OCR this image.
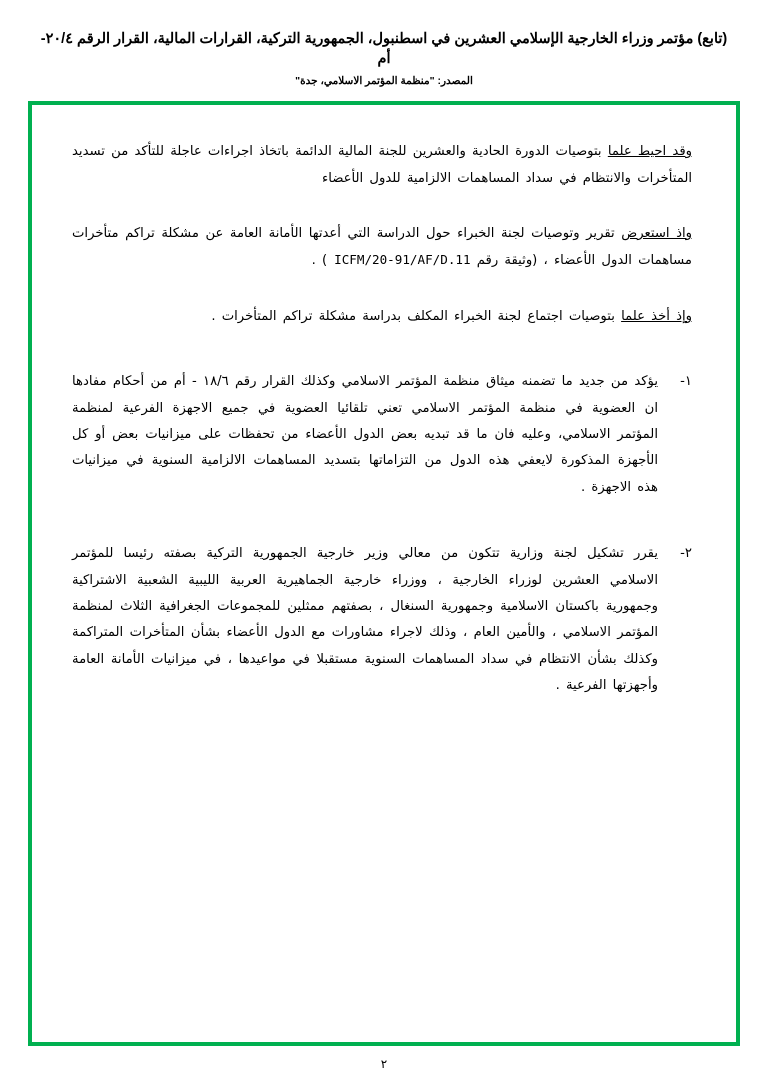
(تابع) مؤتمر وزراء الخارجية الإسلامي العشرين في اسطنبول، الجمهورية التركية، القرارات المالية، القرار الرقم ٢٠/٤-أم
المصدر: "منظمة المؤتمر الاسلامي، جدة"
وقد احيط علما بتوصيات الدورة الحادية والعشرين للجنة المالية الدائمة باتخاذ اجراءات عاجلة للتأكد من تسديد المتأخرات والانتظام في سداد المساهمات الالزامية للدول الأعضاء
واذ استعرض تقرير وتوصيات لجنة الخبراء حول الدراسة التي أعدتها الأمانة العامة عن مشكلة تراكم متأخرات مساهمات الدول الأعضاء ، (وثيقة رقم ICFM/20-91/AF/D.11 ) .
وإذ أخذ علما بتوصيات اجتماع لجنة الخبراء المكلف بدراسة مشكلة تراكم المتأخرات .
١-
يؤكد من جديد ما تضمنه ميثاق منظمة المؤتمر الاسلامي وكذلك القرار رقم ١٨/٦ - أم من أحكام مفادها ان العضوية في منظمة المؤتمر الاسلامي تعني تلقائيا العضوية في جميع الاجهزة الفرعية لمنظمة المؤتمر الاسلامي، وعليه فان ما قد تبديه بعض الدول الأعضاء من تحفظات على ميزانيات بعض أو كل الأجهزة المذكورة لايعفي هذه الدول من التزاماتها بتسديد المساهمات الالزامية السنوية في ميزانيات هذه الاجهزة .
٢-
يقرر تشكيل لجنة وزارية تتكون من معالي وزير خارجية الجمهورية التركية بصفته رئيسا للمؤتمر الاسلامي العشرين لوزراء الخارجية ، ووزراء خارجية الجماهيرية العربية الليبية الشعبية الاشتراكية وجمهورية باكستان الاسلامية وجمهورية السنغال ، بصفتهم ممثلين للمجموعات الجغرافية الثلاث لمنظمة المؤتمر الاسلامي ، والأمين العام ، وذلك لاجراء مشاورات مع الدول الأعضاء بشأن المتأخرات المتراكمة وكذلك بشأن الانتظام في سداد المساهمات السنوية مستقبلا في مواعيدها ، في ميزانيات الأمانة العامة وأجهزتها الفرعية .
٢
